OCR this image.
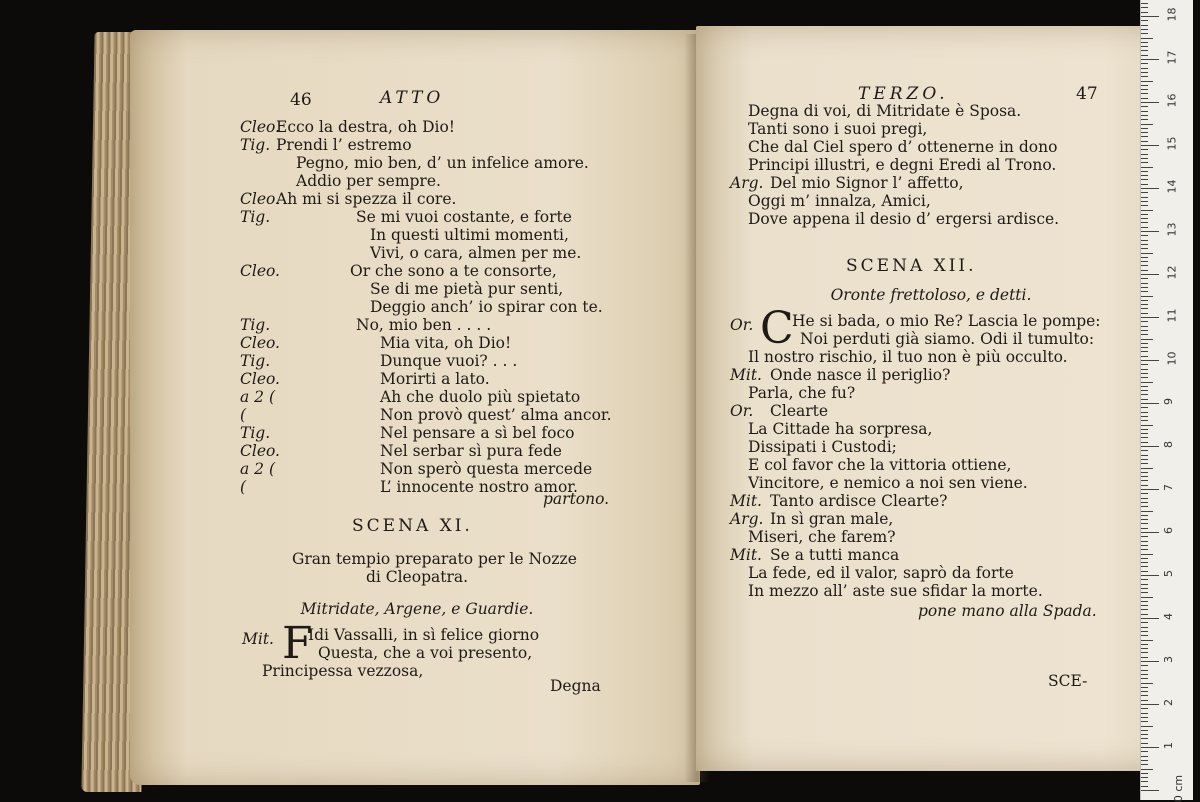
46	ATTO
Cleo.
Ecco la destra, oh Dio!
Tig. Prendi l’ estremo
Pegno, mio ben, d’ un infelice amore.
Addio per sempre.
Cleo.
Ah mi si spezza il core.
Tig.	Se mi vuoi costante, e forte
In questi ultimi momenti,
Vivi, o cara, almen per me.
Cleo.	Or che sono a te consorte,
Se di me pietà pur senti,
Deggio anch’ io spirar con te.
Tig.	No, mio ben . . . .
Cleo.	Mia vita, oh Dio!
Tig.	Dunque vuoi? . . .
Cleo.	Morirti a lato.
a 2 (	Ah che duolo più spietato
(	Non provò quest’ alma ancor.
Tig.	Nel pensare a sì bel foco
Cleo.	Nel serbar sì pura fede
a 2 (	Non sperò questa mercede
(	L’ innocente nostro amor.
partono.
SCENA XI.
Gran tempio preparato per le Nozze
di Cleopatra.
Mitridate, Argene, e Guardie.
Mit. F
Idi Vassalli, in sì felice giorno
Questa, che a voi presento,
Principessa vezzosa,
Degna
TERZO.	47
Degna di voi, di Mitridate è Sposa.
Tanti sono i suoi pregi,
Che dal Ciel spero d’ ottenerne in dono
Principi illustri, e degni Eredi al Trono.
Arg. Del mio Signor l’ affetto,
Oggi m’ innalza, Amici,
Dove appena il desio d’ ergersi ardisce.
SCENA XII.
Oronte frettoloso, e detti.
Or. C
He si bada, o mio Re? Lascia le pompe:
Noi perduti già siamo. Odi il tumulto:
Il nostro rischio, il tuo non è più occulto.
Mit. Onde nasce il periglio?
Parla, che fu?
Or. Clearte
La Cittade ha sorpresa,
Dissipati i Custodi;
E col favor che la vittoria ottiene,
Vincitore, e nemico a noi sen viene.
Mit. Tanto ardisce Clearte?
Arg. In sì gran male,
Miseri, che farem?
Mit. Se a tutti manca
La fede, ed il valor, saprò da forte
In mezzo all’ aste sue sfidar la morte.
pone mano alla Spada.
SCE-
0 cm
1
2
3
4
5
6
7
8
9
10
11
12
13
14
15
16
17
18
